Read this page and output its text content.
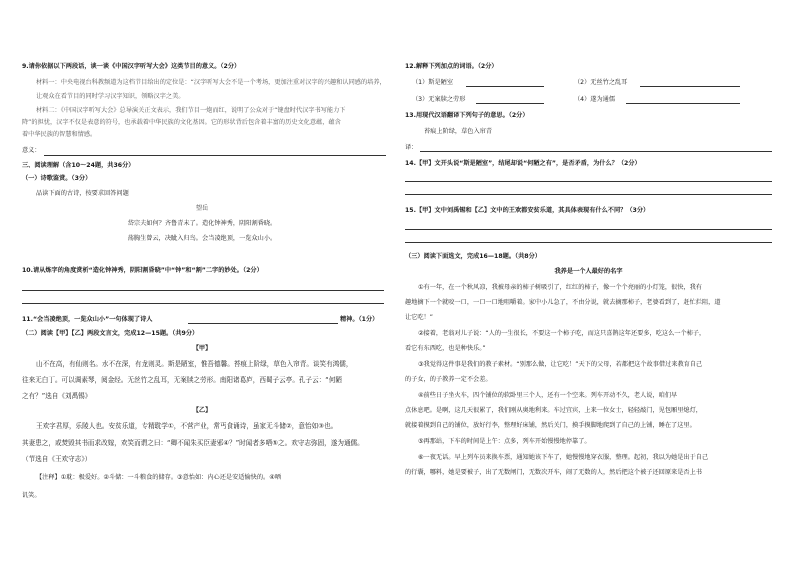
9.请你依据以下两段话，谈一谈《中国汉字听写大会》这类节目的意义。（2分）
材料一：中央电视台科教频道为这档节目给出的定位是：“汉字听写大会不是一个考场，更加注重对汉字的兴趣和认同感的培养，
让观众在看节目的同时学习汉字知识，领略汉字之美。
材料二：《中国汉字听写大会》总导演关正文表示，我们节目一炮而红，说明了公众对于“键盘时代汉字书写能力下
降”的担忧，汉字不仅是表意的符号，也承载着中华民族的文化基因。它的形状背后包含着丰富的历史文化意蕴，蕴含
着中华民族的智慧和情感。
意义：
三、阅读理解（含10～24题，共36分）
（一）诗歌鉴赏。（3分）
品读下面的古诗，按要求回答问题
望岳
岱宗夫如何？齐鲁青未了。造化钟神秀，阴阳割昏晓。
荡胸生曾云，决眦入归鸟。会当凌绝顶，一览众山小。
10.请从炼字的角度赏析“造化钟神秀，阴阳割昏晓”中“钟”和“割”二字的妙处。（2分）
11.“会当凌绝顶，一览众山小”一句体现了诗人	精神。（1分）
（二）阅读【甲】【乙】两段文言文，完成12—15题。（共9分）
【甲】
山不在高，有仙则名。水不在深，有龙则灵。斯是陋室，惟吾德馨。苔痕上阶绿，草色入帘青。谈笑有鸿儒，
往来无白丁。可以调素琴，阅金经。无丝竹之乱耳，无案牍之劳形。南阳诸葛庐，西蜀子云亭。孔子云：“何陋
之有？”选自《刘禹锡》
【乙】
王欢字君厚，乐陵人也。安贫乐道，专精耽学①，不营产业，常丐食诵诗，虽家无斗储②，意怡如③也。
其妻患之，或焚毁其书而求改嫁，欢笑而谓之曰：“卿不闻朱买臣妻邪④？”时闻者多哂⑤之。欢守志弥固，遂为通儒。
（节选自《王欢守志》）
【注释】①耽：极爱好。②斗储：一斗粮食的储存。③意怡如：内心还是安适愉快的。④哂
讥笑。
12.解释下列加点的词语。（2分）
（1）斯是陋室	（2）无丝竹之乱耳
（3）无案牍之劳形	（4）遂为通儒
13.用现代汉语翻译下列句子的意思。（2分）
苔痕上阶绿，草色入帘青
译：
14.【甲】文开头说“斯是陋室”，结尾却说“何陋之有”，是否矛盾，为什么？（2分）
15.【甲】文中刘禹锡和【乙】文中的王欢都安贫乐道，其具体表现有什么不同？（3分）
（三）阅读下面选文，完成16—18题。（共8分）
我养是一个人最好的名字
①有一年，在一个秋风凉，我被母亲的柿子树吸引了，红红的柿子，像一个个亮丽的小灯笼，很快，我有
趣地摘下一个就咬一口，一口一口地咀嚼着。家中小儿急了，不由分说，就去摘那柿子，老婆看到了，赶忙拦阻，道
让它吃！”
②接着，老翁对儿子说：“人的一生很长，不要这一个柿子吃，而这只喜鹊这年还要多，吃这么一个柿子，
看它有东西吃，也是种快乐。”
③我觉得这件事是我们的教子素材。“别那么做，让它吃！”天下的父母，若都把这个故事借过来教育自己
的子女，的子教养一定不会差。
④前些日子坐火车，四个铺位的软卧里三个人，还有一个空来。列车开动不久，老人说，咱们早
点休息吧。是啊，这几天很累了，我们刚从奥地利来。车过宜宾，上来一位女士，轻轻敲门，见包厢里熄灯，
就接着摸到自己的铺位，放好行李，整理好床铺，然后关门，摸手摸脚地爬到了自己的上铺，睡在了这里。
⑤再那站，下车的时间是上午：点多，列车开始慢慢地停靠了。
⑥一夜无话。早上列车员来换车票，通知她该下车了，她慢慢地穿衣服，整理。起初，我以为她是出于自己
的行囊，哪料，她是要被子，出了无数闸门，无数次开车，闹了无数的人，然后把这个被子还回原来是否上书
